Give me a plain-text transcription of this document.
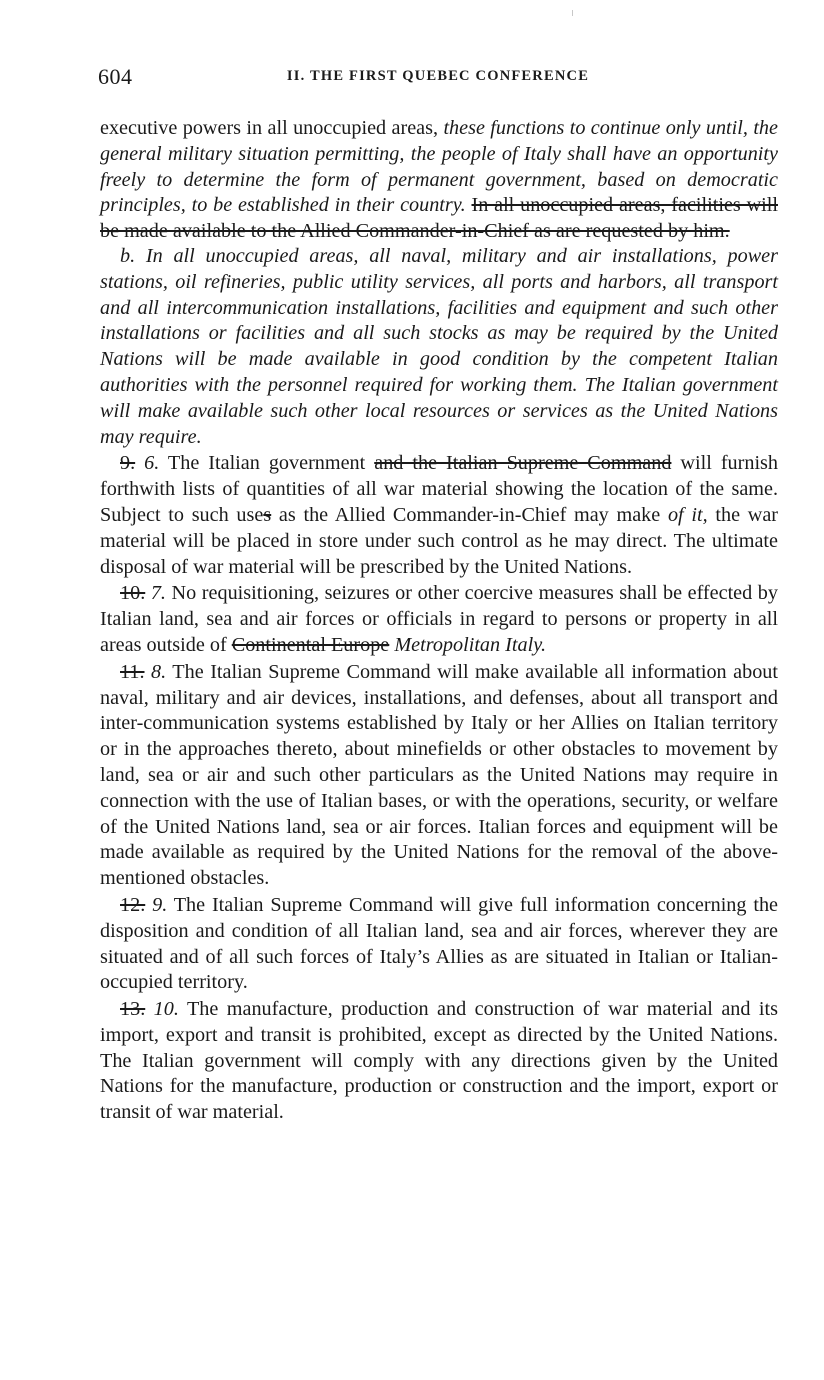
604	II. THE FIRST QUEBEC CONFERENCE

executive powers in all unoccupied areas, these functions to continue only until, the general military situation permitting, the people of Italy shall have an opportunity freely to determine the form of permanent government, based on democratic principles, to be established in their country. In all unoccupied areas, facilities will be made available to the Allied Commander-in-Chief as are requested by him.

b. In all unoccupied areas, all naval, military and air installations, power stations, oil refineries, public utility services, all ports and harbors, all transport and all intercommunication installations, facilities and equipment and such other installations or facilities and all such stocks as may be required by the United Nations will be made available in good condition by the competent Italian authorities with the personnel required for working them. The Italian government will make available such other local resources or services as the United Nations may require.

9. 6. The Italian government and the Italian Supreme Command will furnish forthwith lists of quantities of all war material showing the location of the same. Subject to such uses as the Allied Commander-in-Chief may make of it, the war material will be placed in store under such control as he may direct. The ultimate disposal of war material will be prescribed by the United Nations.

10. 7. No requisitioning, seizures or other coercive measures shall be effected by Italian land, sea and air forces or officials in regard to persons or property in all areas outside of Continental Europe Metropolitan Italy.

11. 8. The Italian Supreme Command will make available all information about naval, military and air devices, installations, and defenses, about all transport and inter-communication systems established by Italy or her Allies on Italian territory or in the approaches thereto, about minefields or other obstacles to movement by land, sea or air and such other particulars as the United Nations may require in connection with the use of Italian bases, or with the operations, security, or welfare of the United Nations land, sea or air forces. Italian forces and equipment will be made available as required by the United Nations for the removal of the above-mentioned obstacles.

12. 9. The Italian Supreme Command will give full information concerning the disposition and condition of all Italian land, sea and air forces, wherever they are situated and of all such forces of Italy’s Allies as are situated in Italian or Italian-occupied territory.

13. 10. The manufacture, production and construction of war material and its import, export and transit is prohibited, except as directed by the United Nations. The Italian government will comply with any directions given by the United Nations for the manufacture, production or construction and the import, export or transit of war material.
